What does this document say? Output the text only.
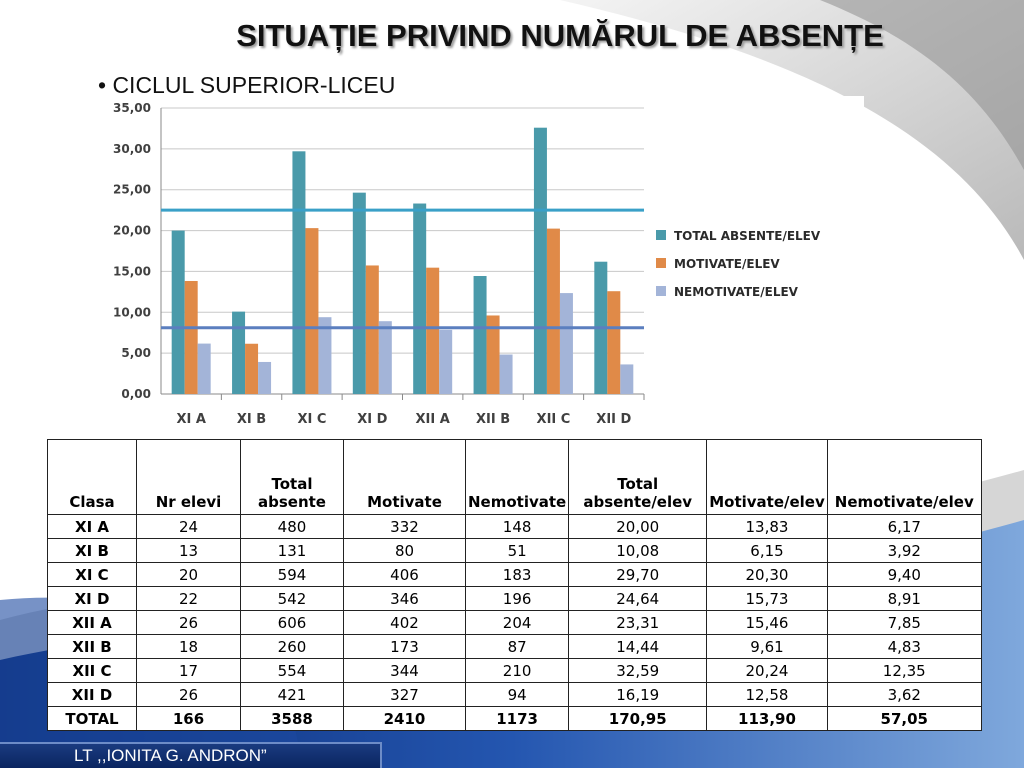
SITUAȚIE PRIVIND NUMĂRUL DE ABSENȚE
• CICLUL SUPERIOR-LICEU
0,00
5,00
10,00
15,00
20,00
25,00
30,00
35,00
XI A XI B XI C XI D XII A XII B XII C XII D
TOTAL ABSENTE/ELEV
MOTIVATE/ELEV
NEMOTIVATE/ELEV
Clasa	Nr elevi	Total absente	Motivate	Nemotivate	Total absente/elev	Motivate/elev	Nemotivate/elev
XI A	24	480	332	148	20,00	13,83	6,17
XI B	13	131	80	51	10,08	6,15	3,92
XI C	20	594	406	183	29,70	20,30	9,40
XI D	22	542	346	196	24,64	15,73	8,91
XII A	26	606	402	204	23,31	15,46	7,85
XII B	18	260	173	87	14,44	9,61	4,83
XII C	17	554	344	210	32,59	20,24	12,35
XII D	26	421	327	94	16,19	12,58	3,62
TOTAL	166	3588	2410	1173	170,95	113,90	57,05
LT ,,IONITA G. ANDRON”
